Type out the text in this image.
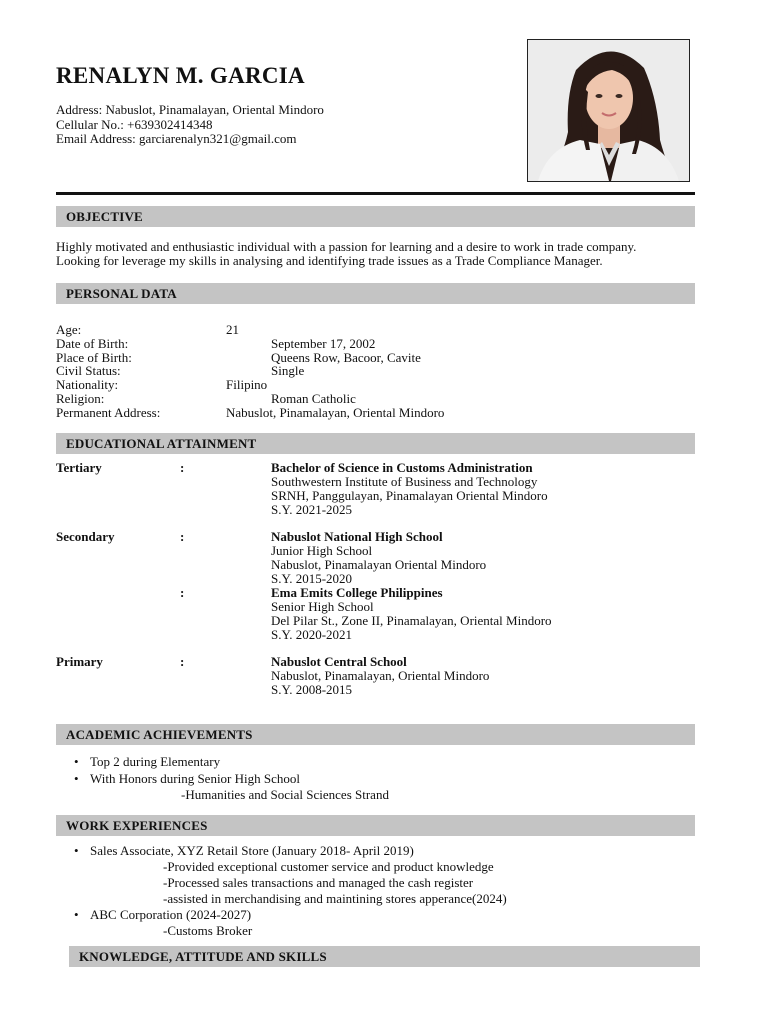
RENALYN M. GARCIA
Address: Nabuslot, Pinamalayan, Oriental Mindoro
Cellular No.: +639302414348
Email Address: garciarenalyn321@gmail.com
OBJECTIVE
Highly motivated and enthusiastic individual with a passion for learning and a desire to work in trade company.
Looking for leverage my skills in analysing and identifying trade issues as a Trade Compliance Manager.
PERSONAL DATA
Age:	21
Date of Birth:	September 17, 2002
Place of Birth:	Queens Row, Bacoor, Cavite
Civil Status:	Single
Nationality:	Filipino
Religion:	Roman Catholic
Permanent Address:	Nabuslot, Pinamalayan, Oriental Mindoro
EDUCATIONAL ATTAINMENT
Tertiary	:	Bachelor of Science in Customs Administration
Southwestern Institute of Business and Technology
SRNH, Panggulayan, Pinamalayan Oriental Mindoro
S.Y. 2021-2025
Secondary	:	Nabuslot National High School
Junior High School
Nabuslot, Pinamalayan Oriental Mindoro
S.Y. 2015-2020
:	Ema Emits College Philippines
Senior High School
Del Pilar St., Zone II, Pinamalayan, Oriental Mindoro
S.Y. 2020-2021
Primary	:	Nabuslot Central School
Nabuslot, Pinamalayan, Oriental Mindoro
S.Y. 2008-2015
ACADEMIC ACHIEVEMENTS
• Top 2 during Elementary
• With Honors during Senior High School
-Humanities and Social Sciences Strand
WORK EXPERIENCES
• Sales Associate, XYZ Retail Store (January 2018- April 2019)
-Provided exceptional customer service and product knowledge
-Processed sales transactions and managed the cash register
-assisted in merchandising and maintining stores apperance(2024)
• ABC Corporation (2024-2027)
-Customs Broker
KNOWLEDGE, ATTITUDE AND SKILLS
